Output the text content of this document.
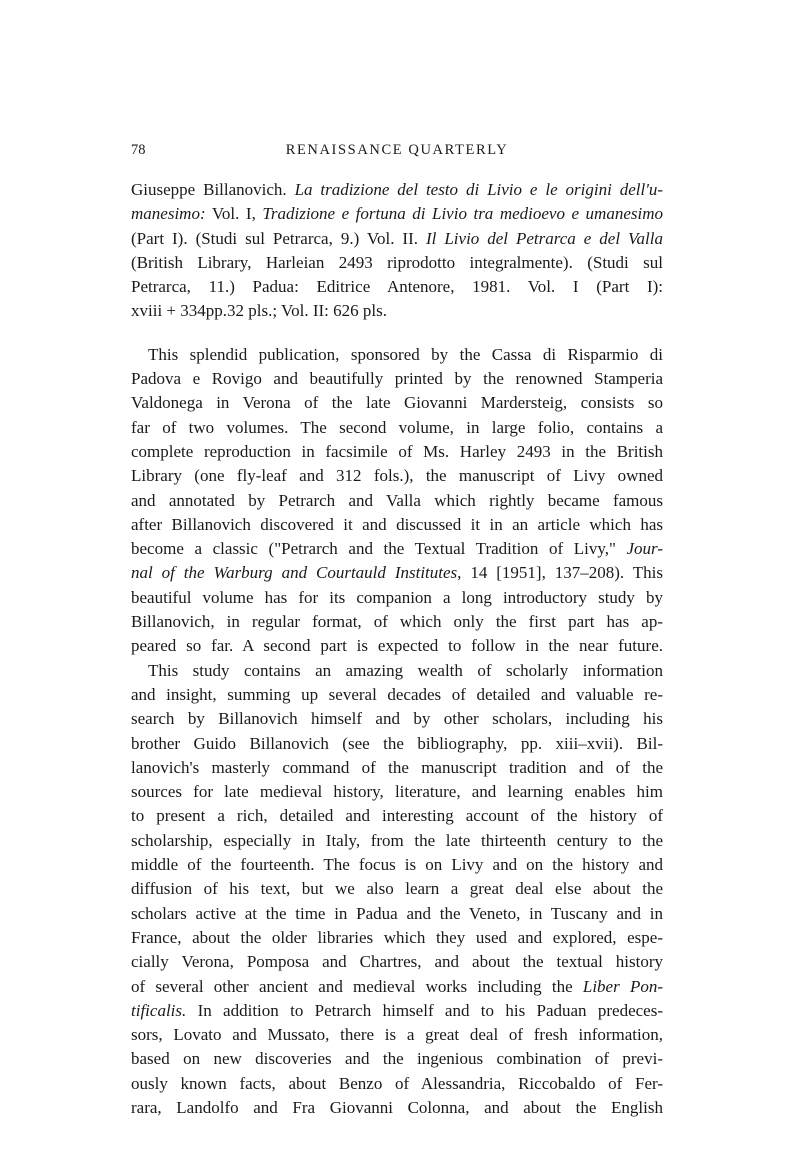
78	RENAISSANCE QUARTERLY
Giuseppe Billanovich. La tradizione del testo di Livio e le origini dell'u-
manesimo: Vol. I, Tradizione e fortuna di Livio tra medioevo e umanesimo
(Part I). (Studi sul Petrarca, 9.) Vol. II. Il Livio del Petrarca e del Valla
(British Library, Harleian 2493 riprodotto integralmente). (Studi sul
Petrarca, 11.) Padua: Editrice Antenore, 1981. Vol. I (Part I):
xviii + 334pp.32 pls.; Vol. II: 626 pls.
This splendid publication, sponsored by the Cassa di Risparmio di
Padova e Rovigo and beautifully printed by the renowned Stamperia
Valdonega in Verona of the late Giovanni Mardersteig, consists so
far of two volumes. The second volume, in large folio, contains a
complete reproduction in facsimile of Ms. Harley 2493 in the British
Library (one fly-leaf and 312 fols.), the manuscript of Livy owned
and annotated by Petrarch and Valla which rightly became famous
after Billanovich discovered it and discussed it in an article which has
become a classic ("Petrarch and the Textual Tradition of Livy," Jour-
nal of the Warburg and Courtauld Institutes, 14 [1951], 137–208). This
beautiful volume has for its companion a long introductory study by
Billanovich, in regular format, of which only the first part has ap-
peared so far. A second part is expected to follow in the near future.
This study contains an amazing wealth of scholarly information
and insight, summing up several decades of detailed and valuable re-
search by Billanovich himself and by other scholars, including his
brother Guido Billanovich (see the bibliography, pp. xiii–xvii). Bil-
lanovich's masterly command of the manuscript tradition and of the
sources for late medieval history, literature, and learning enables him
to present a rich, detailed and interesting account of the history of
scholarship, especially in Italy, from the late thirteenth century to the
middle of the fourteenth. The focus is on Livy and on the history and
diffusion of his text, but we also learn a great deal else about the
scholars active at the time in Padua and the Veneto, in Tuscany and in
France, about the older libraries which they used and explored, espe-
cially Verona, Pomposa and Chartres, and about the textual history
of several other ancient and medieval works including the Liber Pon-
tificalis. In addition to Petrarch himself and to his Paduan predeces-
sors, Lovato and Mussato, there is a great deal of fresh information,
based on new discoveries and the ingenious combination of previ-
ously known facts, about Benzo of Alessandria, Riccobaldo of Fer-
rara, Landolfo and Fra Giovanni Colonna, and about the English
